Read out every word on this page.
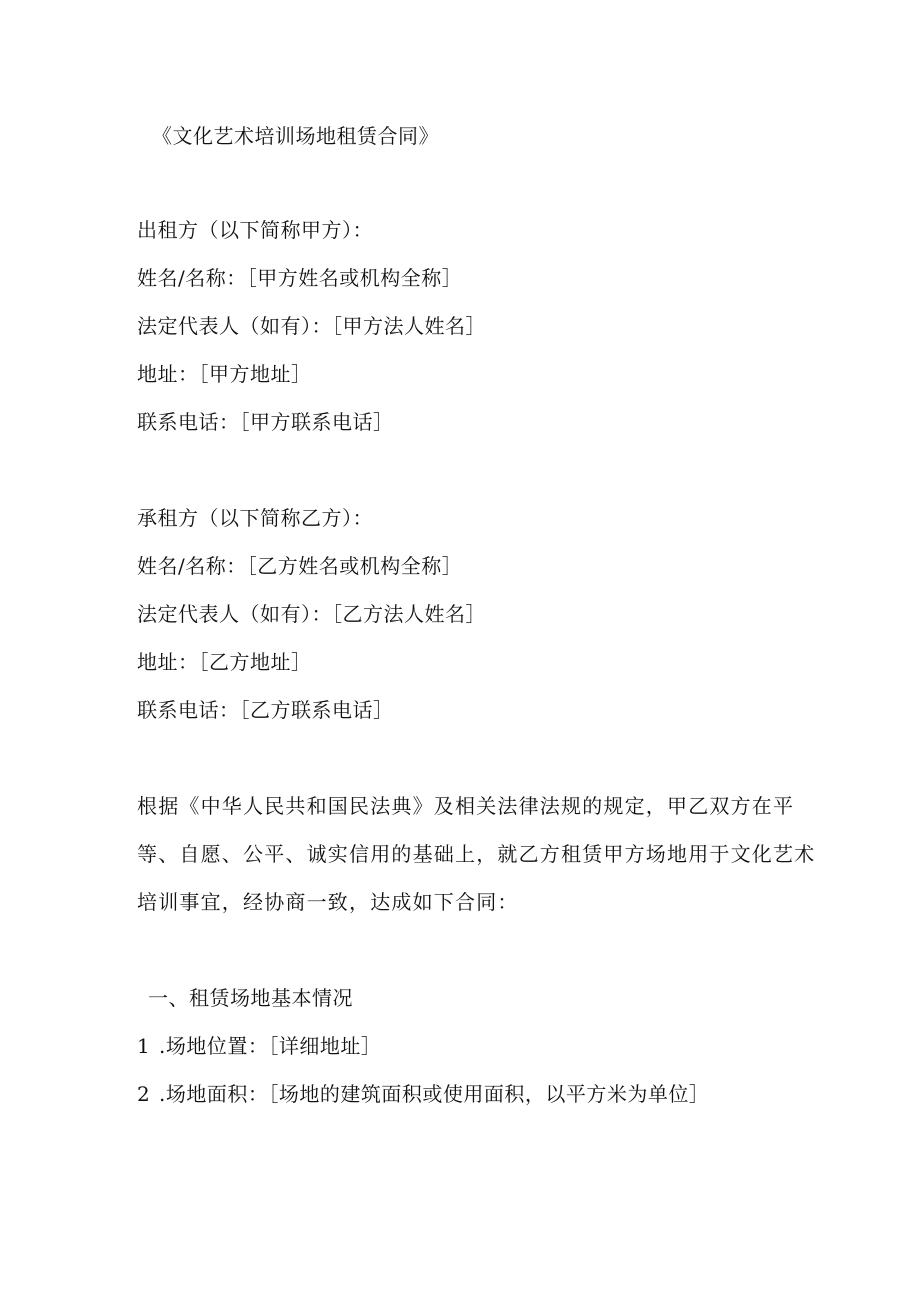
《文化艺术培训场地租赁合同》
出租方（以下简称甲方）：
姓名/名称：［甲方姓名或机构全称］
法定代表人（如有）：［甲方法人姓名］
地址：［甲方地址］
联系电话：［甲方联系电话］
承租方（以下简称乙方）：
姓名/名称：［乙方姓名或机构全称］
法定代表人（如有）：［乙方法人姓名］
地址：［乙方地址］
联系电话：［乙方联系电话］
根据《中华人民共和国民法典》及相关法律法规的规定，甲乙双方在平
等、自愿、公平、诚实信用的基础上，就乙方租赁甲方场地用于文化艺术
培训事宜，经协商一致，达成如下合同：
一、租赁场地基本情况
1 .场地位置：［详细地址］
2 .场地面积：［场地的建筑面积或使用面积，以平方米为单位］
